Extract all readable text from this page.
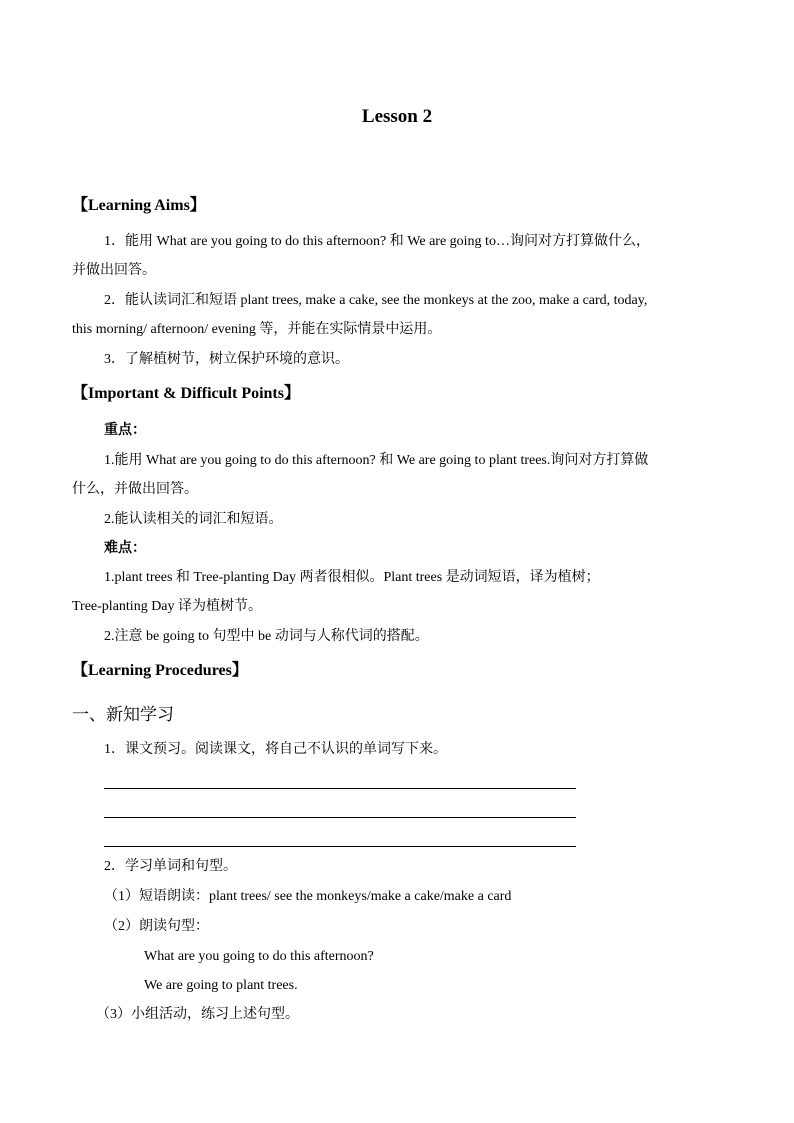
Lesson 2
【Learning Aims】
1．能用 What are you going to do this afternoon? 和 We are going to…询问对方打算做什么，
并做出回答。
2．能认读词汇和短语 plant trees, make a cake, see the monkeys at the zoo, make a card, today,
this morning/ afternoon/ evening 等，并能在实际情景中运用。
3．了解植树节，树立保护环境的意识。
【Important & Difficult Points】
重点：
1.能用 What are you going to do this afternoon? 和 We are going to plant trees.询问对方打算做
什么，并做出回答。
2.能认读相关的词汇和短语。
难点：
1.plant trees 和 Tree-planting Day 两者很相似。Plant trees 是动词短语，译为植树；
Tree-planting Day 译为植树节。
2.注意 be going to 句型中 be 动词与人称代词的搭配。
【Learning Procedures】
一、新知学习
1．课文预习。阅读课文，将自己不认识的单词写下来。
2．学习单词和句型。
（1）短语朗读：plant trees/ see the monkeys/make a cake/make a card
（2）朗读句型：
What are you going to do this afternoon?
We are going to plant trees.
（3）小组活动，练习上述句型。
